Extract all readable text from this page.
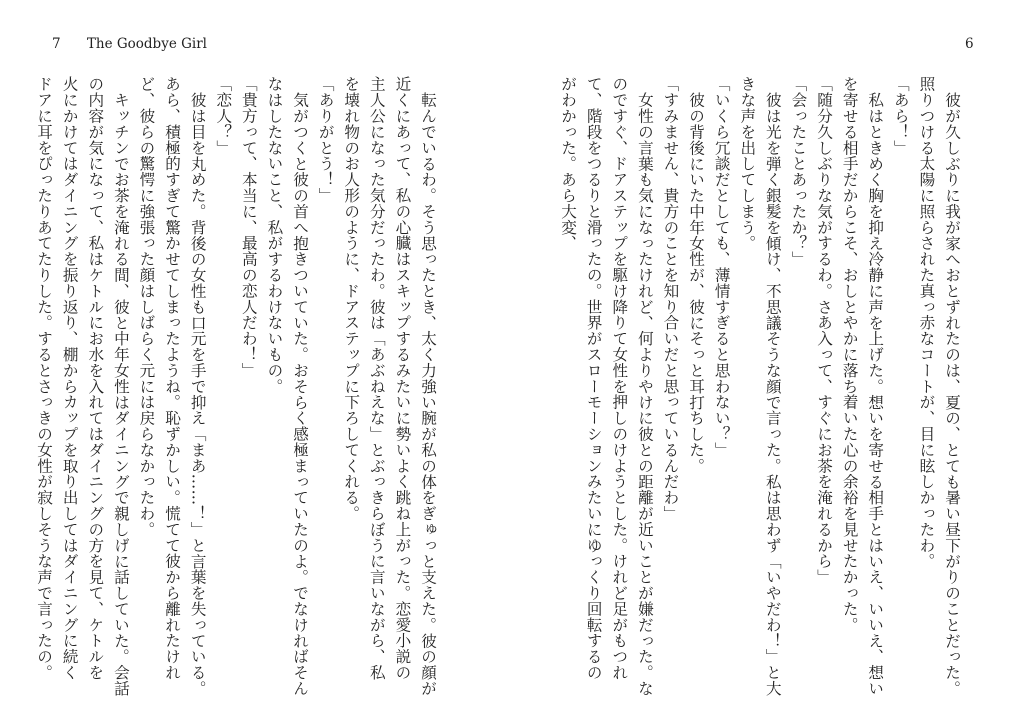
7 The Goodbye Girl

転んでいるわ。そう思ったとき、太く力強い腕が私の体をぎゅっと支えた。彼の顔が近くにあって、私の心臓はスキップするみたいに勢いよく跳ね上がった。恋愛小説の主人公になった気分だったわ。彼は「あぶねえな」とぶっきらぼうに言いながら、私を壊れ物のお人形のように、ドアステップに下ろしてくれる。

「ありがとう！」

気がつくと彼の首へ抱きついていた。おそらく感極まっていたのよ。でなければそんなはしたないこと、私がするわけないもの。

「貴方って、本当に、最高の恋人だわ！」

「恋人？」

彼は目を丸めた。背後の女性も口元を手で抑え「まあ……！」と言葉を失っている。あら、積極的すぎて驚かせてしまったようね。恥ずかしい。慌てて彼から離れたけれど、彼らの驚愕に強張った顔はしばらく元には戻らなかったわ。

キッチンでお茶を淹れる間、彼と中年女性はダイニングで親しげに話していた。会話の内容が気になって、私はケトルにお水を入れてはダイニングの方を見て、ケトルを火にかけてはダイニングを振り返り、棚からカップを取り出してはダイニングに続くドアに耳をぴったりあてたりした。するとさっきの女性が寂しそうな声で言ったの。

6

彼が久しぶりに我が家へおとずれたのは、夏の、とても暑い昼下がりのことだった。照りつける太陽に照らされた真っ赤なコートが、目に眩しかったわ。

「あら！」

私はときめく胸を抑え冷静に声を上げた。想いを寄せる相手とはいえ、いいえ、想いを寄せる相手だからこそ、おしとやかに落ち着いた心の余裕を見せたかった。

「随分久しぶりな気がするわ。さあ入って、すぐにお茶を淹れるから」

「会ったことあったか？」

彼は光を弾く銀髪を傾け、不思議そうな顔で言った。私は思わず「いやだわ！」と大きな声を出してしまう。

「いくら冗談だとしても、薄情すぎると思わない？」

彼の背後にいた中年女性が、彼にそっと耳打ちした。

「すみません、貴方のことを知り合いだと思っているんだわ」

女性の言葉も気になったけれど、何よりやけに彼との距離が近いことが嫌だった。なのですぐ、ドアステップを駆け降りて女性を押しのけようとした。けれど足がもつれて、階段をつるりと滑ったの。世界がスローモーションみたいにゆっくり回転するのがわかった。あら大変、
